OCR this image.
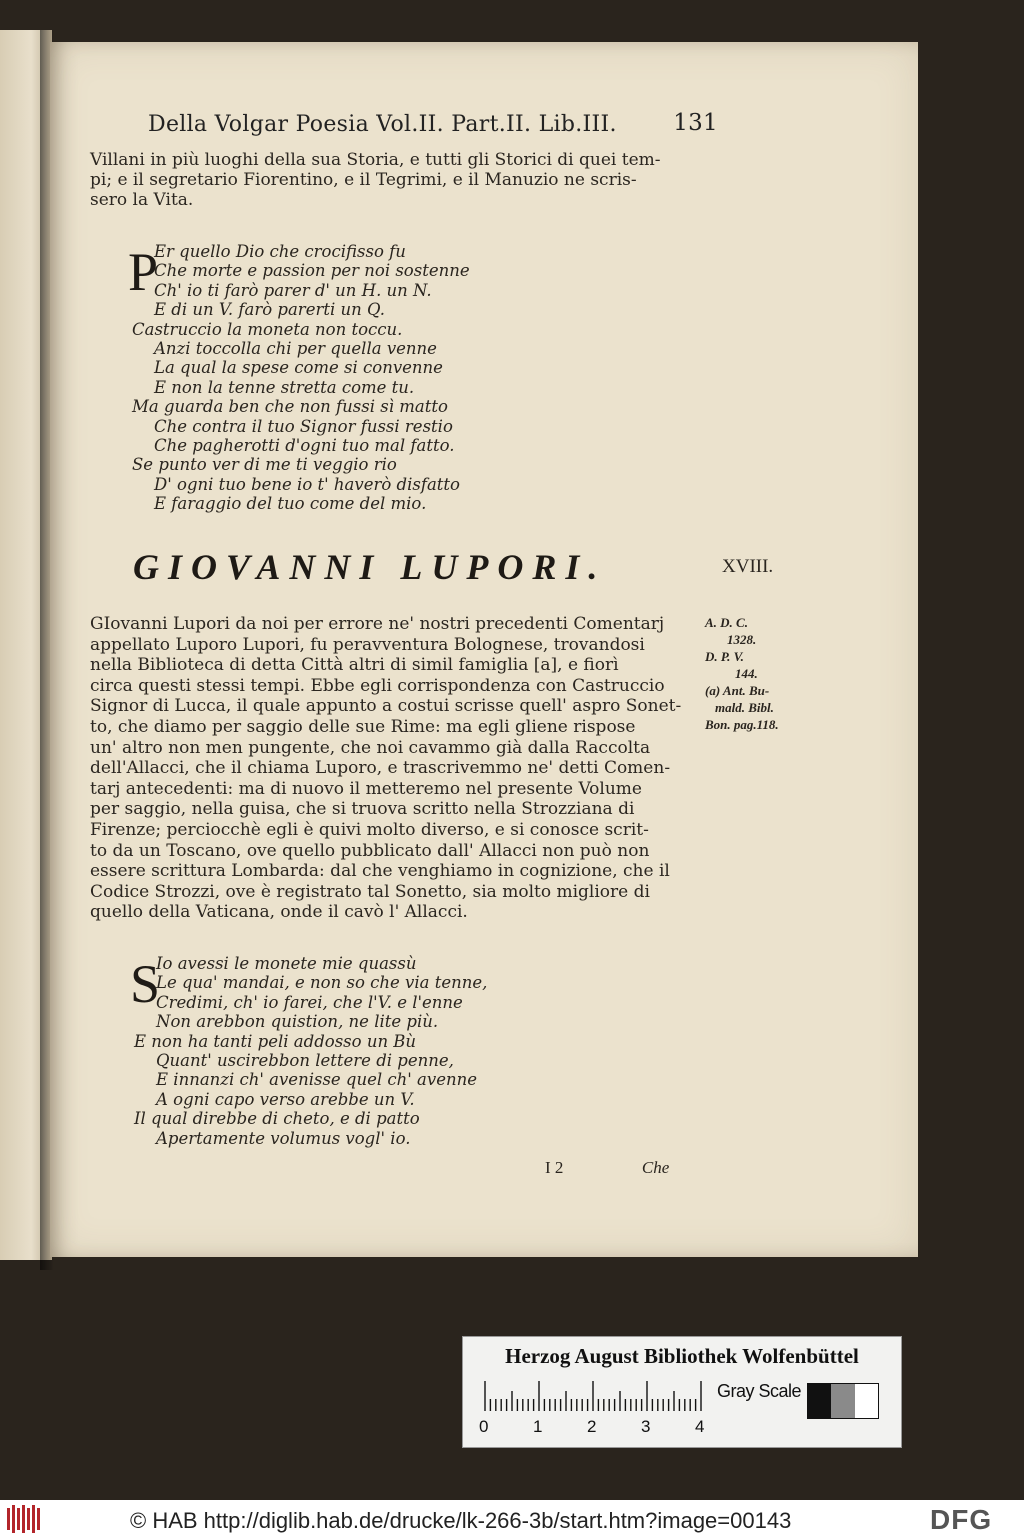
Della Volgar Poesia Vol.II. Part.II. Lib.III. 131

Villani in più luoghi della sua Storia, e tutti gli Storici di quei tem-

pi; e il segretario Fiorentino, e il Tegrimi, e il Manuzio ne scris-

sero la Vita.

P
Er quello Dio che crocifisso fu
Che morte e passion per noi sostenne
Ch' io ti farò parer d' un H. un N.
E di un V. farò parerti un Q.
Castruccio la moneta non toccu.
Anzi toccolla chi per quella venne
La qual la spese come si convenne
E non la tenne stretta come tu.
Ma guarda ben che non fussi sì matto
Che contra il tuo Signor fussi restio
Che pagherotti d'ogni tuo mal fatto.
Se punto ver di me ti veggio rio
D' ogni tuo bene io t' haverò disfatto
E faraggio del tuo come del mio.
GIOVANNI LUPORI.	XVIII.

GIovanni Lupori da noi per errore ne' nostri precedenti Comentarj

appellato Luporo Lupori, fu peravventura Bolognese, trovandosi

nella Biblioteca di detta Città altri di simil famiglia [a], e fiorì

circa questi stessi tempi. Ebbe egli corrispondenza con Castruccio

Signor di Lucca, il quale appunto a costui scrisse quell' aspro Sonet-

to, che diamo per saggio delle sue Rime: ma egli gliene rispose

un' altro non men pungente, che noi cavammo già dalla Raccolta

dell'Allacci, che il chiama Luporo, e trascrivemmo ne' detti Comen-

tarj antecedenti: ma di nuovo il metteremo nel presente Volume

per saggio, nella guisa, che si truova scritto nella Strozziana di

Firenze; perciocchè egli è quivi molto diverso, e si conosce scrit-

to da un Toscano, ove quello pubblicato dall' Allacci non può non

essere scrittura Lombarda: dal che venghiamo in cognizione, che il

Codice Strozzi, ove è registrato tal Sonetto, sia molto migliore di

quello della Vaticana, onde il cavò l' Allacci.

A. D. C.
1328.
D. P. V.
144.
(a) Ant. Bu-
mald. Bibl.
Bon. pag.118.
S
Io avessi le monete mie quassù
Le qua' mandai, e non so che via tenne,
Credimi, ch' io farei, che l'V. e l'enne
Non arebbon quistion, ne lite più.
E non ha tanti peli addosso un Bù
Quant' uscirebbon lettere di penne,
E innanzi ch' avenisse quel ch' avenne
A ogni capo verso arebbe un V.
Il qual direbbe di cheto, e di patto
Apertamente volumus vogl' io.
I 2	Che
Herzog August Bibliothek Wolfenbüttel
0	1	2	3	4
Gray Scale
© HAB http://diglib.hab.de/drucke/lk-266-3b/start.htm?image=00143	DFG
